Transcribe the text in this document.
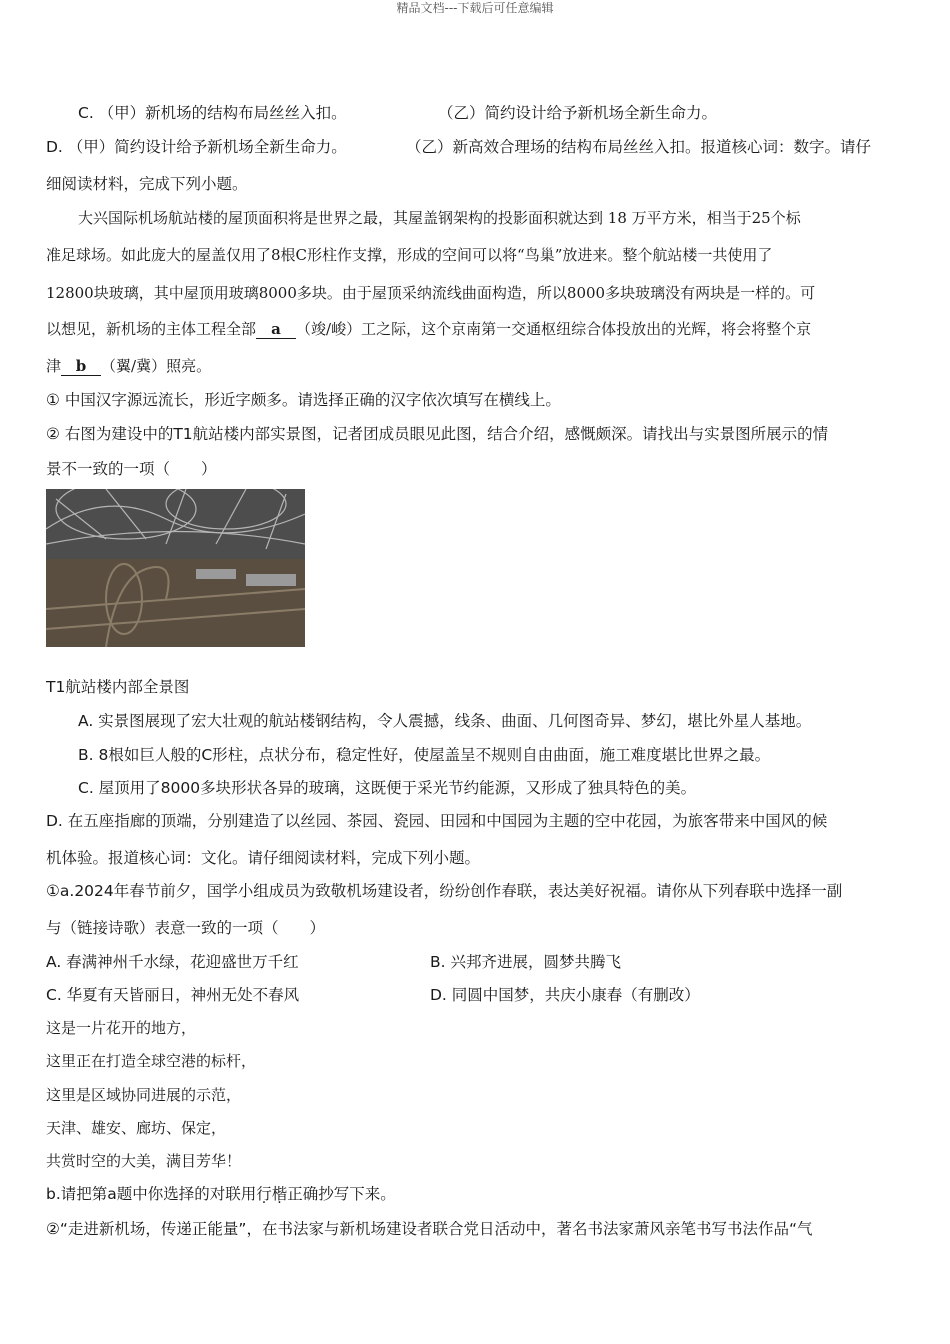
精品文档---下载后可任意编辑
C. （甲）新机场的结构布局丝丝入扣。	（乙）简约设计给予新机场全新生命力。
D. （甲）简约设计给予新机场全新生命力。	（乙）新高效合理场的结构布局丝丝入扣。报道核心词：数字。请仔
细阅读材料，完成下列小题。
大兴国际机场航站楼的屋顶面积将是世界之最，其屋盖钢架构的投影面积就达到 18 万平方米，相当于25个标
准足球场。如此庞大的屋盖仅用了8根C形柱作支撑，形成的空间可以将“鸟巢”放进来。整个航站楼一共使用了
12800块玻璃，其中屋顶用玻璃8000多块。由于屋顶采纳流线曲面构造，所以8000多块玻璃没有两块是一样的。可
以想见，新机场的主体工程全部 a （竣/峻）工之际，这个京南第一交通枢纽综合体投放出的光辉，将会将整个京
津 b （翼/冀）照亮。
① 中国汉字源远流长，形近字颇多。请选择正确的汉字依次填写在横线上。
② 右图为建设中的T1航站楼内部实景图，记者团成员眼见此图，结合介绍，感慨颇深。请找出与实景图所展示的情
景不一致的一项（　　）
T1航站楼内部全景图
A. 实景图展现了宏大壮观的航站楼钢结构，令人震撼，线条、曲面、几何图奇异、梦幻，堪比外星人基地。
B. 8根如巨人般的C形柱，点状分布，稳定性好，使屋盖呈不规则自由曲面，施工难度堪比世界之最。
C. 屋顶用了8000多块形状各异的玻璃，这既便于采光节约能源，又形成了独具特色的美。
D. 在五座指廊的顶端，分别建造了以丝园、茶园、瓷园、田园和中国园为主题的空中花园，为旅客带来中国风的候
机体验。报道核心词：文化。请仔细阅读材料，完成下列小题。
①a.2024年春节前夕，国学小组成员为致敬机场建设者，纷纷创作春联，表达美好祝福。请你从下列春联中选择一副
与（链接诗歌）表意一致的一项（　　）
A. 春满神州千水绿，花迎盛世万千红	B. 兴邦齐进展，圆梦共腾飞
C. 华夏有天皆丽日，神州无处不春风	D. 同圆中国梦，共庆小康春（有删改）
这是一片花开的地方，
这里正在打造全球空港的标杆，
这里是区域协同进展的示范，
天津、雄安、廊坊、保定，
共赏时空的大美，满目芳华！
b.请把第a题中你选择的对联用行楷正确抄写下来。
②“走进新机场，传递正能量”，在书法家与新机场建设者联合党日活动中，著名书法家萧风亲笔书写书法作品“气
